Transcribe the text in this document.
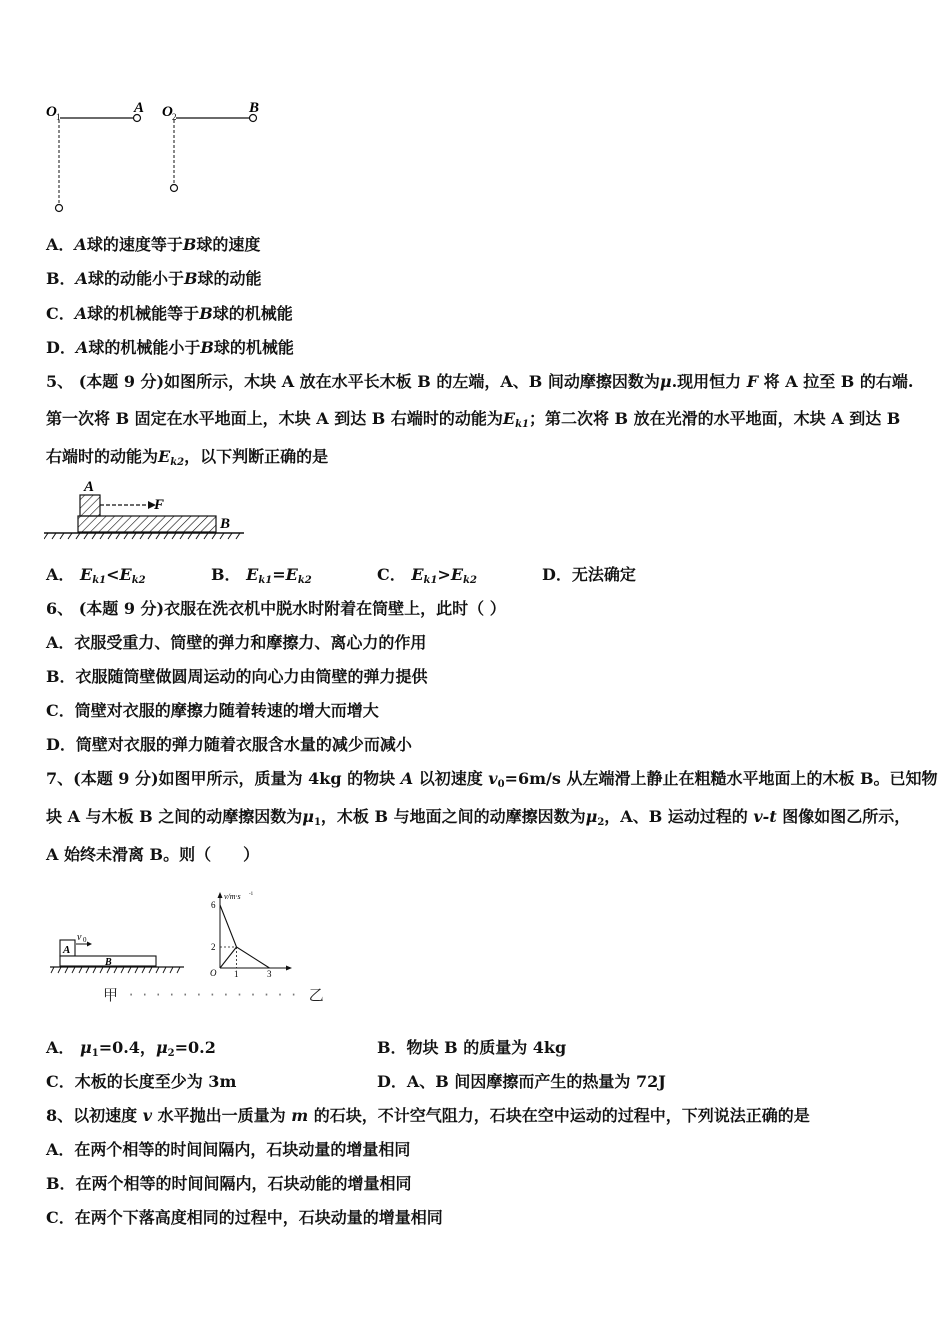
O 1
A O 2
B
A．A球的速度等于B球的速度
B．A球的动能小于B球的动能
C．A球的机械能等于B球的机械能
D．A球的机械能小于B球的机械能
5、 (本题 9 分)如图所示，木块 A 放在水平长木板 B 的左端，A、B 间动摩擦因数为μ.现用恒力 F 将 A 拉至 B 的右端.
第一次将 B 固定在水平地面上，木块 A 到达 B 右端时的动能为$E_{k1}$；第二次将 B 放在光滑的水平地面，木块 A 到达 B
右端时的动能为$E_{k2}$，以下判断正确的是
A
F
B
A． $E_{k1}<E_{k2}$	B． $E_{k1}=E_{k2}$	C． $E_{k1}>E_{k2}$	D．无法确定
6、 (本题 9 分)衣服在洗衣机中脱水时附着在筒壁上，此时（ ）
A．衣服受重力、筒壁的弹力和摩擦力、离心力的作用
B．衣服随筒壁做圆周运动的向心力由筒壁的弹力提供
C．筒壁对衣服的摩擦力随着转速的增大而增大
D．筒壁对衣服的弹力随着衣服含水量的减少而减小
7、(本题 9 分)如图甲所示，质量为 4kg 的物块 A 以初速度 $v_0=6m/s$ 从左端滑上静止在粗糙水平地面上的木板 B。已知物
块 A 与木板 B 之间的动摩擦因数为$\mu_1$，木板 B 与地面之间的动摩擦因数为$\mu_2$，A、B 运动过程的 v-t 图像如图乙所示，
A 始终未滑离 B。则（　　）
A
v 0
B
v/m·s -1
O
2
6
1	3
甲 · · · · · · · · · · · · · 乙
A． $\mu_1=0.4$，$\mu_2=0.2$	B．物块 B 的质量为 4kg
C．木板的长度至少为 3m	D．A、B 间因摩擦而产生的热量为 72J
8、以初速度 v 水平抛出一质量为 m 的石块，不计空气阻力，石块在空中运动的过程中，下列说法正确的是
A．在两个相等的时间间隔内，石块动量的增量相同
B．在两个相等的时间间隔内，石块动能的增量相同
C．在两个下落高度相同的过程中，石块动量的增量相同
